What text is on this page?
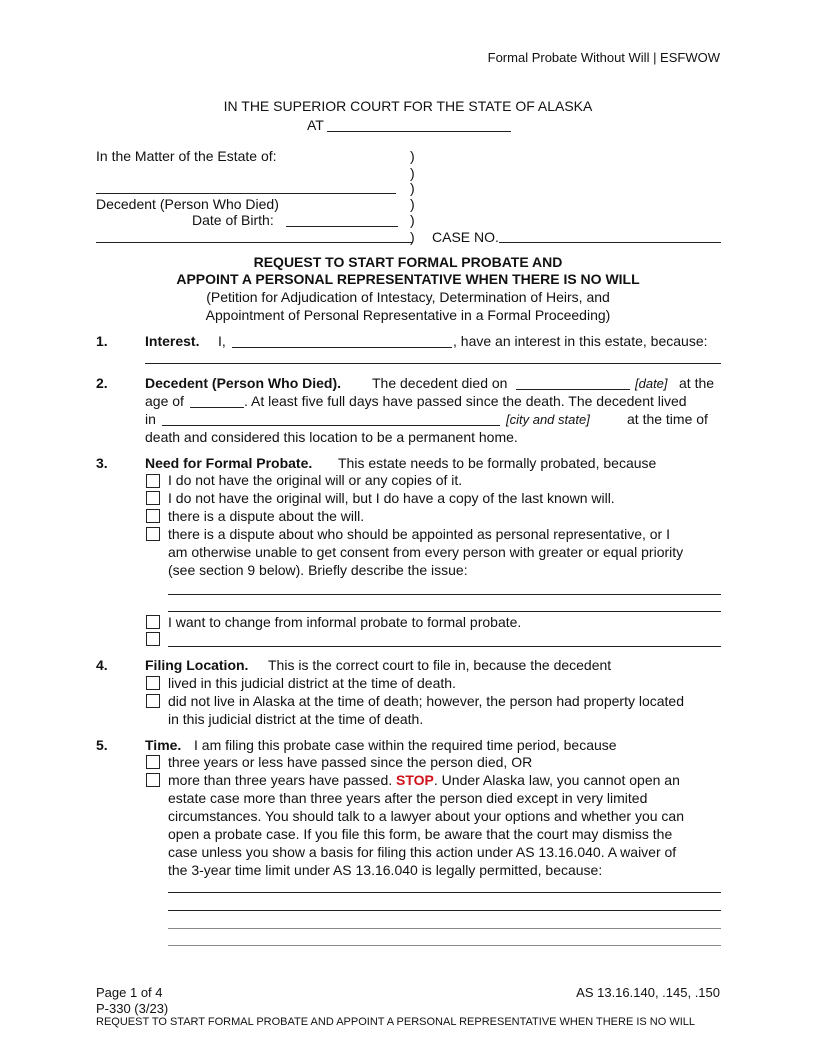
Formal Probate Without Will | ESFWOW
IN THE SUPERIOR COURT FOR THE STATE OF ALASKA
AT
In the Matter of the Estate of:	)
)
)
Decedent (Person Who Died)	)
Date of Birth:	)
) CASE NO.
REQUEST TO START FORMAL PROBATE AND
APPOINT A PERSONAL REPRESENTATIVE WHEN THERE IS NO WILL
(Petition for Adjudication of Intestacy, Determination of Heirs, and
Appointment of Personal Representative in a Formal Proceeding)
1.	Interest. I,	, have an interest in this estate, because:
2.	Decedent (Person Who Died). The decedent died on	[date] at the
age of	. At least five full days have passed since the death. The decedent lived
in	[city and state]	at the time of
death and considered this location to be a permanent home.
3.	Need for Formal Probate. This estate needs to be formally probated, because
I do not have the original will or any copies of it.
I do not have the original will, but I do have a copy of the last known will.
there is a dispute about the will.
there is a dispute about who should be appointed as personal representative, or I
am otherwise unable to get consent from every person with greater or equal priority
(see section 9 below). Briefly describe the issue:
I want to change from informal probate to formal probate.
4.	Filing Location. This is the correct court to file in, because the decedent
lived in this judicial district at the time of death.
did not live in Alaska at the time of death; however, the person had property located
in this judicial district at the time of death.
5.	Time. I am filing this probate case within the required time period, because
three years or less have passed since the person died, OR
more than three years have passed. STOP. Under Alaska law, you cannot open an
estate case more than three years after the person died except in very limited
circumstances. You should talk to a lawyer about your options and whether you can
open a probate case. If you file this form, be aware that the court may dismiss the
case unless you show a basis for filing this action under AS 13.16.040. A waiver of
the 3-year time limit under AS 13.16.040 is legally permitted, because:
Page 1 of 4	AS 13.16.140, .145, .150
P-330 (3/23)
REQUEST TO START FORMAL PROBATE AND APPOINT A PERSONAL REPRESENTATIVE WHEN THERE IS NO WILL
